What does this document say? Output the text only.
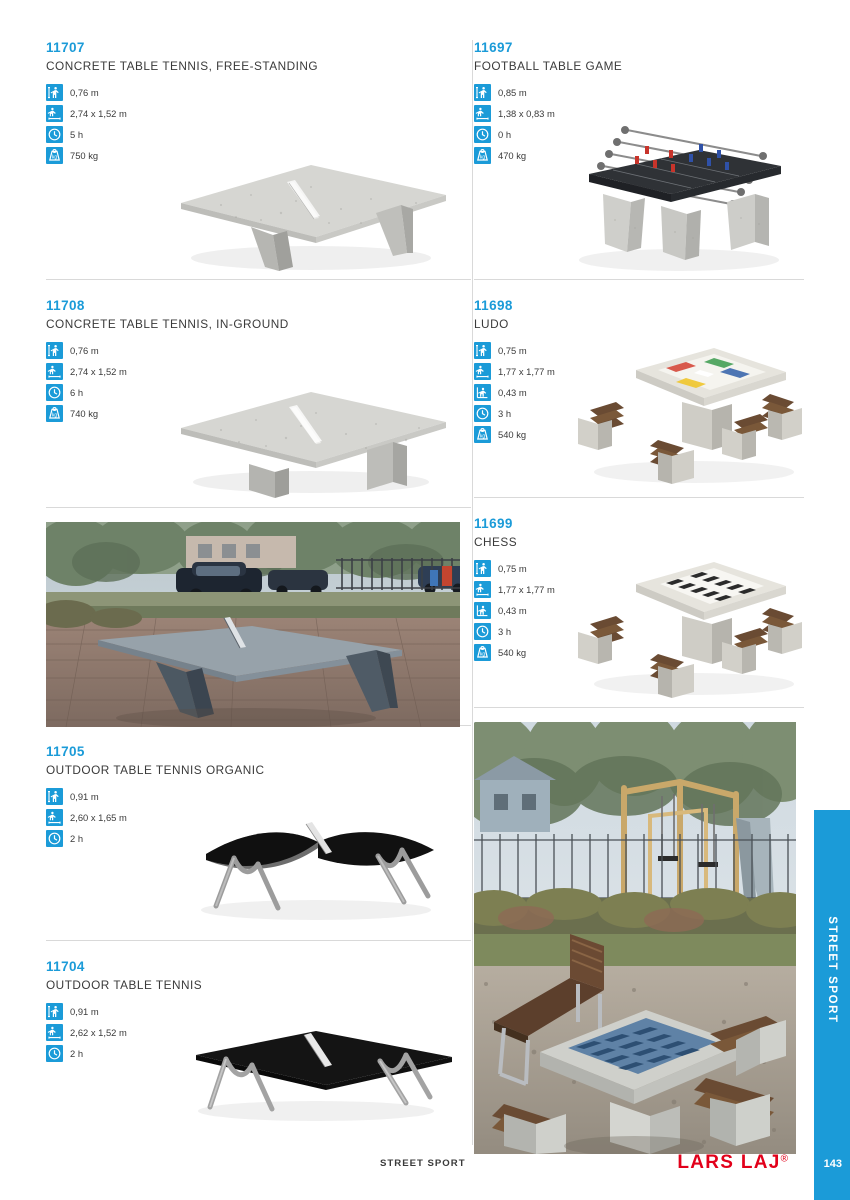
STREET SPORT
11707
CONCRETE TABLE TENNIS, FREE-STANDING
0,76 m
2,74 x 1,52 m
5 h
kg 750 kg
11708
CONCRETE TABLE TENNIS, IN-GROUND
0,76 m
2,74 x 1,52 m
6 h
kg 740 kg
11705
OUTDOOR TABLE TENNIS ORGANIC
0,91 m
2,60 x 1,65 m
2 h
11704
OUTDOOR TABLE TENNIS
0,91 m
2,62 x 1,52 m
2 h
11697
FOOTBALL TABLE GAME
0,85 m
1,38 x 0,83 m
0 h
kg 470 kg
11698
LUDO
0,75 m
1,77 x 1,77 m
0,43 m
3 h
kg 540 kg
11699
CHESS
0,75 m
1,77 x 1,77 m
0,43 m
3 h
kg 540 kg
STREET SPORT	LARS LAJ®	143
